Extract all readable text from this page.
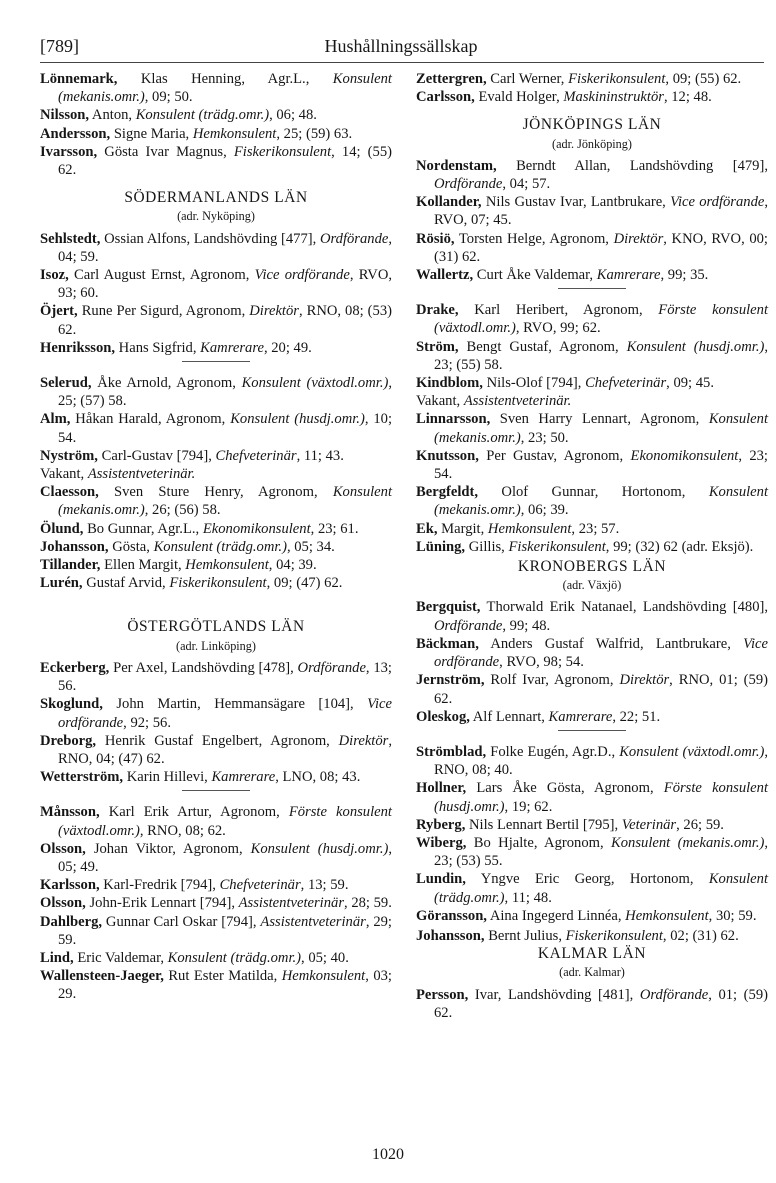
[789]	Hushållningssällskap
Lönnemark, Klas Henning, Agr.L., Konsulent (mekanis.omr.), 09; 50.
Nilsson, Anton, Konsulent (trädg.omr.), 06; 48.
Andersson, Signe Maria, Hemkonsulent, 25; (59) 63.
Ivarsson, Gösta Ivar Magnus, Fiskerikonsulent, 14; (55) 62.
SÖDERMANLANDS LÄN
(adr. Nyköping)
Sehlstedt, Ossian Alfons, Landshövding [477], Ordförande, 04; 59.
Isoz, Carl August Ernst, Agronom, Vice ordförande, RVO, 93; 60.
Öjert, Rune Per Sigurd, Agronom, Direktör, RNO, 08; (53) 62.
Henriksson, Hans Sigfrid, Kamrerare, 20; 49.
Selerud, Åke Arnold, Agronom, Konsulent (växtodl.omr.), 25; (57) 58.
Alm, Håkan Harald, Agronom, Konsulent (husdj.omr.), 10; 54.
Nyström, Carl-Gustav [794], Chefveterinär, 11; 43.
Vakant, Assistentveterinär.
Claesson, Sven Sture Henry, Agronom, Konsulent (mekanis.omr.), 26; (56) 58.
Ölund, Bo Gunnar, Agr.L., Ekonomikonsulent, 23; 61.
Johansson, Gösta, Konsulent (trädg.omr.), 05; 34.
Tillander, Ellen Margit, Hemkonsulent, 04; 39.
Lurén, Gustaf Arvid, Fiskerikonsulent, 09; (47) 62.
ÖSTERGÖTLANDS LÄN
(adr. Linköping)
Eckerberg, Per Axel, Landshövding [478], Ordförande, 13; 56.
Skoglund, John Martin, Hemmansägare [104], Vice ordförande, 92; 56.
Dreborg, Henrik Gustaf Engelbert, Agronom, Direktör, RNO, 04; (47) 62.
Wetterström, Karin Hillevi, Kamrerare, LNO, 08; 43.
Månsson, Karl Erik Artur, Agronom, Förste konsulent (växtodl.omr.), RNO, 08; 62.
Olsson, Johan Viktor, Agronom, Konsulent (husdj.omr.), 05; 49.
Karlsson, Karl-Fredrik [794], Chefveterinär, 13; 59.
Olsson, John-Erik Lennart [794], Assistentveterinär, 28; 59.
Dahlberg, Gunnar Carl Oskar [794], Assistentveterinär, 29; 59.
Lind, Eric Valdemar, Konsulent (trädg.omr.), 05; 40.
Wallensteen-Jaeger, Rut Ester Matilda, Hemkonsulent, 03; 29.
Zettergren, Carl Werner, Fiskerikonsulent, 09; (55) 62.
Carlsson, Evald Holger, Maskininstruktör, 12; 48.
JÖNKÖPINGS LÄN
(adr. Jönköping)
Nordenstam, Berndt Allan, Landshövding [479], Ordförande, 04; 57.
Kollander, Nils Gustav Ivar, Lantbrukare, Vice ordförande, RVO, 07; 45.
Rösiö, Torsten Helge, Agronom, Direktör, KNO, RVO, 00; (31) 62.
Wallertz, Curt Åke Valdemar, Kamrerare, 99; 35.
Drake, Karl Heribert, Agronom, Förste konsulent (växtodl.omr.), RVO, 99; 62.
Ström, Bengt Gustaf, Agronom, Konsulent (husdj.omr.), 23; (55) 58.
Kindblom, Nils-Olof [794], Chefveterinär, 09; 45.
Vakant, Assistentveterinär.
Linnarsson, Sven Harry Lennart, Agronom, Konsulent (mekanis.omr.), 23; 50.
Knutsson, Per Gustav, Agronom, Ekonomikonsulent, 23; 54.
Bergfeldt, Olof Gunnar, Hortonom, Konsulent (mekanis.omr.), 06; 39.
Ek, Margit, Hemkonsulent, 23; 57.
Lüning, Gillis, Fiskerikonsulent, 99; (32) 62 (adr. Eksjö).
KRONOBERGS LÄN
(adr. Växjö)
Bergquist, Thorwald Erik Natanael, Landshövding [480], Ordförande, 99; 48.
Bäckman, Anders Gustaf Walfrid, Lantbrukare, Vice ordförande, RVO, 98; 54.
Jernström, Rolf Ivar, Agronom, Direktör, RNO, 01; (59) 62.
Oleskog, Alf Lennart, Kamrerare, 22; 51.
Strömblad, Folke Eugén, Agr.D., Konsulent (växtodl.omr.), RNO, 08; 40.
Hollner, Lars Åke Gösta, Agronom, Förste konsulent (husdj.omr.), 19; 62.
Ryberg, Nils Lennart Bertil [795], Veterinär, 26; 59.
Wiberg, Bo Hjalte, Agronom, Konsulent (mekanis.omr.), 23; (53) 55.
Lundin, Yngve Eric Georg, Hortonom, Konsulent (trädg.omr.), 11; 48.
Göransson, Aina Ingegerd Linnéa, Hemkonsulent, 30; 59.
Johansson, Bernt Julius, Fiskerikonsulent, 02; (31) 62.
KALMAR LÄN
(adr. Kalmar)
Persson, Ivar, Landshövding [481], Ordförande, 01; (59) 62.
1020
